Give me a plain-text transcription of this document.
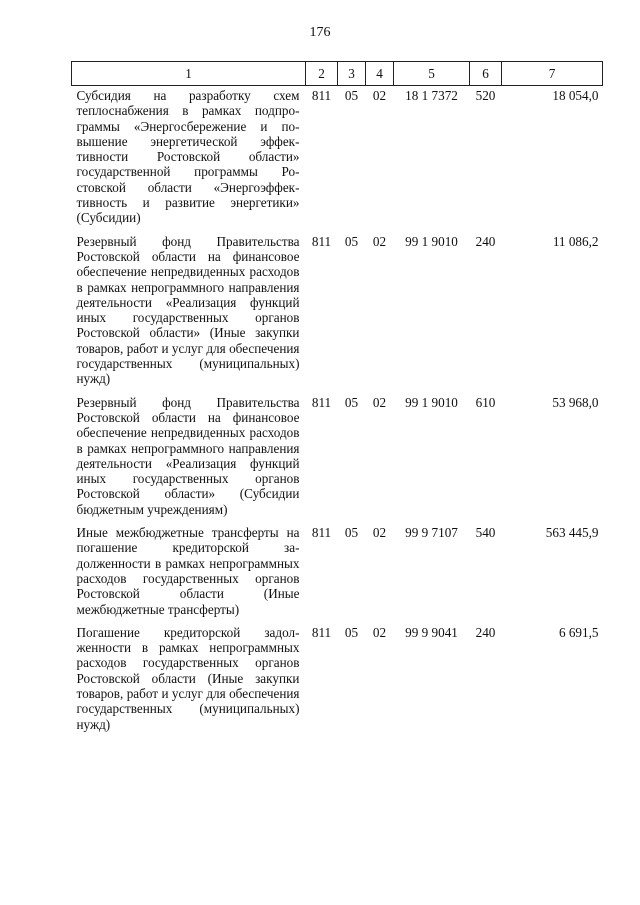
176
1	2	3	4	5	6	7
Субсидия на разработку схем теплоснабжения в рамках подпрограммы «Энергосбережение и повышение энергетической эффективности Ростовской области» государственной программы Ростовской области «Энергоэффективность и развитие энергетики» (Субсидии)	811	05	02	18 1 7372	520	18 054,0
Резервный фонд Правительства Ростовской области на финансовое обеспечение непредвиденных расходов в рамках непрограммного направления деятельности «Реализация функций иных государственных органов Ростовской области» (Иные закупки товаров, работ и услуг для обеспечения государственных (муниципальных) нужд)	811	05	02	99 1 9010	240	11 086,2
Резервный фонд Правительства Ростовской области на финансовое обеспечение непредвиденных расходов в рамках непрограммного направления деятельности «Реализация функций иных государственных органов Ростовской области» (Субсидии бюджетным учреждениям)	811	05	02	99 1 9010	610	53 968,0
Иные межбюджетные трансферты на погашение кредиторской задолженности в рамках непрограммных расходов государственных органов Ростовской области (Иные межбюджетные трансферты)	811	05	02	99 9 7107	540	563 445,9
Погашение кредиторской задолженности в рамках непрограммных расходов государственных органов Ростовской области (Иные закупки товаров, работ и услуг для обеспечения государственных (муниципальных) нужд)	811	05	02	99 9 9041	240	6 691,5
